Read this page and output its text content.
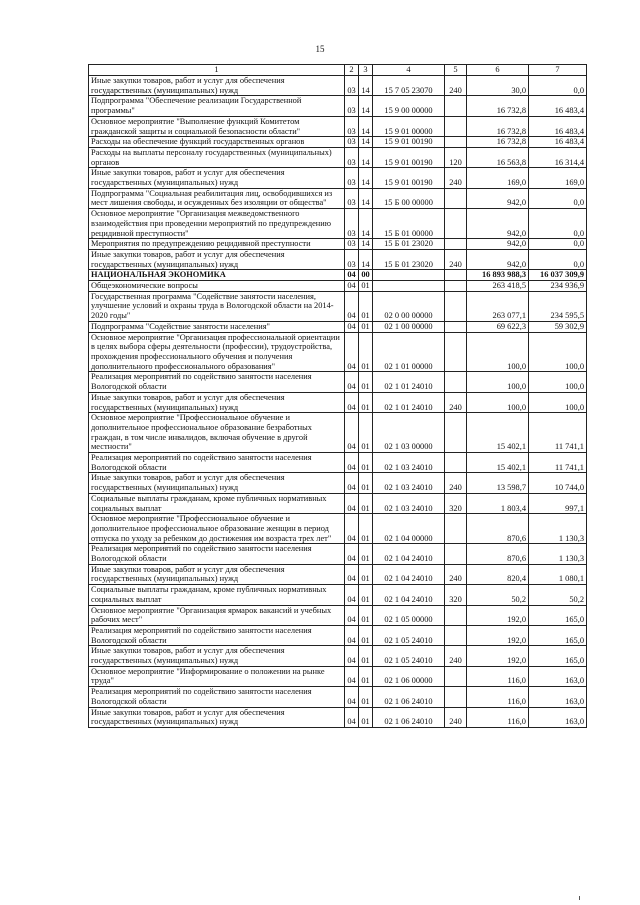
15
1	2	3	4	5	6	7
Иные закупки товаров, работ и услуг для обеспечения государственных (муниципальных) нужд	03	14	15 7 05 23070	240	30,0	0,0
Подпрограмма "Обеспечение реализации Государственной программы"	03	14	15 9 00 00000		16 732,8	16 483,4
Основное мероприятие "Выполнение функций Комитетом гражданской защиты и социальной безопасности области"	03	14	15 9 01 00000		16 732,8	16 483,4
Расходы на обеспечение функций государственных органов	03	14	15 9 01 00190		16 732,8	16 483,4
Расходы на выплаты персоналу государственных (муниципальных) органов	03	14	15 9 01 00190	120	16 563,8	16 314,4
Иные закупки товаров, работ и услуг для обеспечения государственных (муниципальных) нужд	03	14	15 9 01 00190	240	169,0	169,0
Подпрограмма "Социальная реабилитация лиц, освободившихся из мест лишения свободы, и осужденных без изоляции от общества"	03	14	15 Б 00 00000		942,0	0,0
Основное мероприятие "Организация межведомственного взаимодействия при проведении мероприятий по предупреждению рецидивной преступности"	03	14	15 Б 01 00000		942,0	0,0
Мероприятия по предупреждению рецидивной преступности	03	14	15 Б 01 23020		942,0	0,0
Иные закупки товаров, работ и услуг для обеспечения государственных (муниципальных) нужд	03	14	15 Б 01 23020	240	942,0	0,0
НАЦИОНАЛЬНАЯ ЭКОНОМИКА	04	00			16 893 988,3	16 037 309,9
Общеэкономические вопросы	04	01			263 418,5	234 936,9
Государственная программа "Содействие занятости населения, улучшение условий и охраны труда в Вологодской области на 2014-2020 годы"	04	01	02 0 00 00000		263 077,1	234 595,5
Подпрограмма "Содействие занятости населения"	04	01	02 1 00 00000		69 622,3	59 302,9
Основное мероприятие "Организация профессиональной ориентации в целях выбора сферы деятельности (профессии), трудоустройства, прохождения профессионального обучения и получения дополнительного профессионального образования"	04	01	02 1 01 00000		100,0	100,0
Реализация мероприятий по содействию занятости населения Вологодской области	04	01	02 1 01 24010		100,0	100,0
Иные закупки товаров, работ и услуг для обеспечения государственных (муниципальных) нужд	04	01	02 1 01 24010	240	100,0	100,0
Основное мероприятие "Профессиональное обучение и дополнительное профессиональное образование безработных граждан, в том числе инвалидов, включая обучение в другой местности"	04	01	02 1 03 00000		15 402,1	11 741,1
Реализация мероприятий по содействию занятости населения Вологодской области	04	01	02 1 03 24010		15 402,1	11 741,1
Иные закупки товаров, работ и услуг для обеспечения государственных (муниципальных) нужд	04	01	02 1 03 24010	240	13 598,7	10 744,0
Социальные выплаты гражданам, кроме публичных нормативных социальных выплат	04	01	02 1 03 24010	320	1 803,4	997,1
Основное мероприятие "Профессиональное обучение и дополнительное профессиональное образование женщин в период отпуска по уходу за ребенком до достижения им возраста трех лет"	04	01	02 1 04 00000		870,6	1 130,3
Реализация мероприятий по содействию занятости населения Вологодской области	04	01	02 1 04 24010		870,6	1 130,3
Иные закупки товаров, работ и услуг для обеспечения государственных (муниципальных) нужд	04	01	02 1 04 24010	240	820,4	1 080,1
Социальные выплаты гражданам, кроме публичных нормативных социальных выплат	04	01	02 1 04 24010	320	50,2	50,2
Основное мероприятие "Организация ярмарок вакансий и учебных рабочих мест"	04	01	02 1 05 00000		192,0	165,0
Реализация мероприятий по содействию занятости населения Вологодской области	04	01	02 1 05 24010		192,0	165,0
Иные закупки товаров, работ и услуг для обеспечения государственных (муниципальных) нужд	04	01	02 1 05 24010	240	192,0	165,0
Основное мероприятие "Информирование о положении на рынке труда"	04	01	02 1 06 00000		116,0	163,0
Реализация мероприятий по содействию занятости населения Вологодской области	04	01	02 1 06 24010		116,0	163,0
Иные закупки товаров, работ и услуг для обеспечения государственных (муниципальных) нужд	04	01	02 1 06 24010	240	116,0	163,0
